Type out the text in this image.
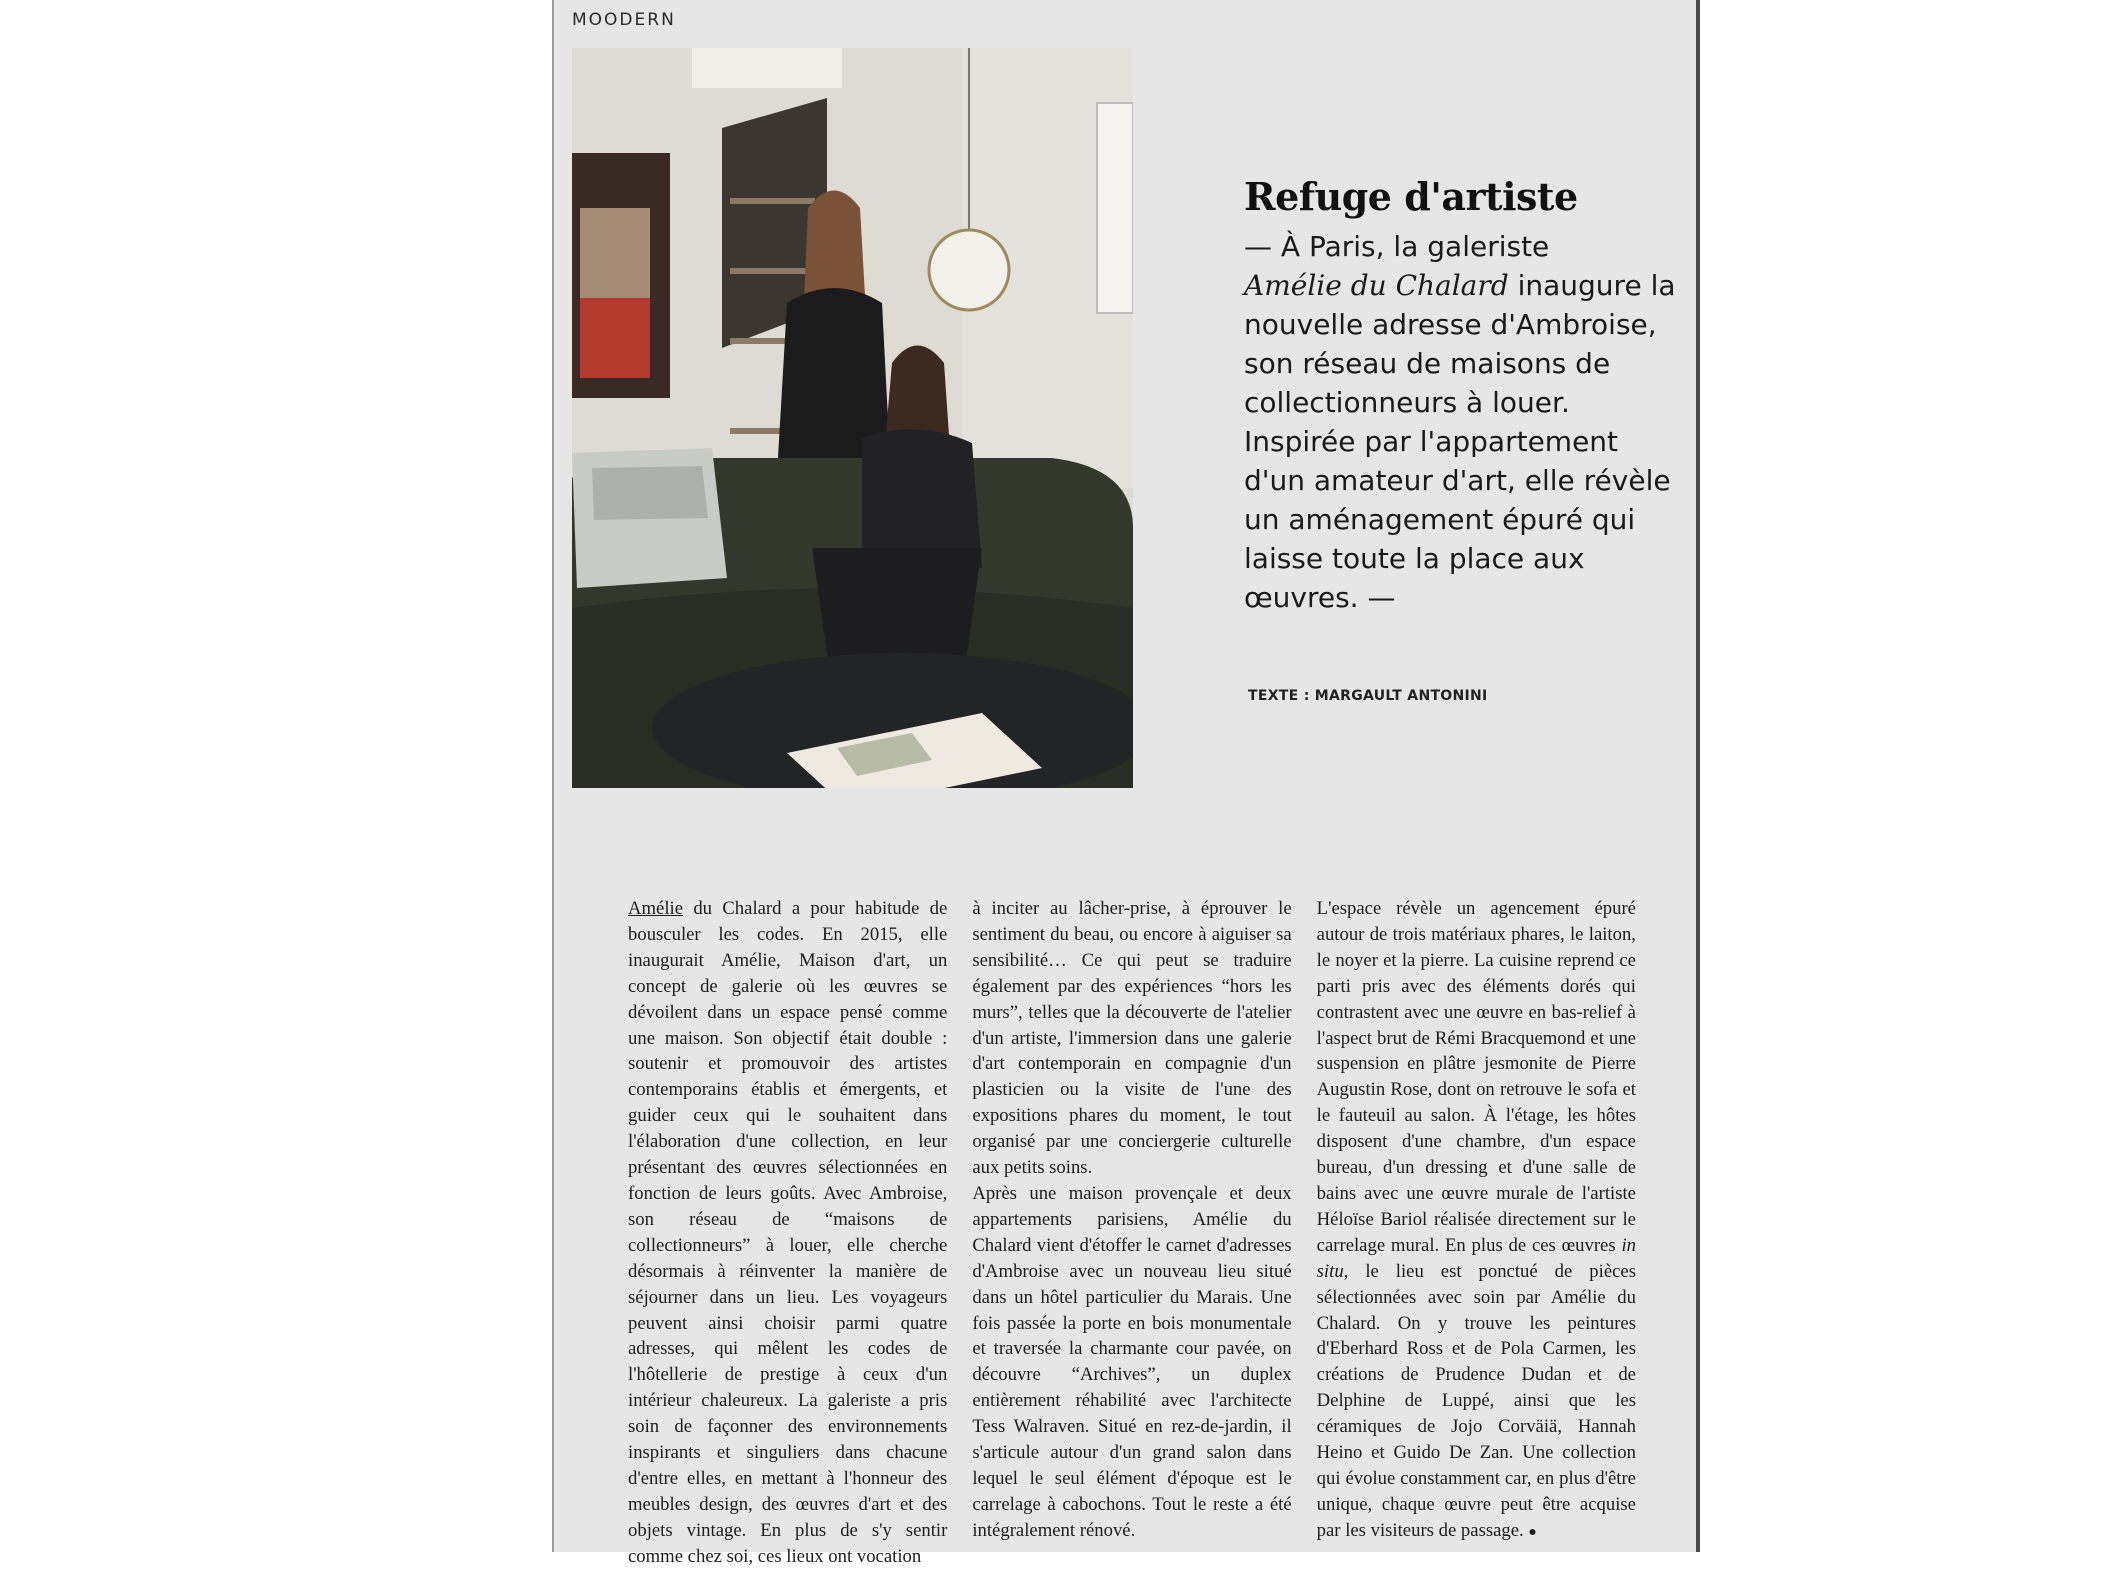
MOODERN
Refuge d'artiste
— À Paris, la galeriste
Amélie du Chalard inaugure la nouvelle adresse d'Ambroise, son réseau de maisons de collectionneurs à louer. Inspirée par l'appartement d'un amateur d'art, elle révèle un aménagement épuré qui laisse toute la place aux œuvres. —
TEXTE : MARGAULT ANTONINI

Amélie du Chalard a pour habitude de bousculer les codes. En 2015, elle inaugurait Amélie, Maison d'art, un concept de galerie où les œuvres se dévoilent dans un espace pensé comme une maison. Son objectif était double : soutenir et promouvoir des artistes contemporains établis et émergents, et guider ceux qui le souhaitent dans l'élaboration d'une collection, en leur présentant des œuvres sélectionnées en fonction de leurs goûts. Avec Ambroise, son réseau de “maisons de collectionneurs” à louer, elle cherche désormais à réinventer la manière de séjourner dans un lieu. Les voyageurs peuvent ainsi choisir parmi quatre adresses, qui mêlent les codes de l'hôtellerie de prestige à ceux d'un intérieur chaleureux. La galeriste a pris soin de façonner des environnements inspirants et singuliers dans chacune d'entre elles, en mettant à l'honneur des meubles design, des œuvres d'art et des objets vintage. En plus de s'y sentir comme chez soi, ces lieux ont vocation

à inciter au lâcher-prise, à éprouver le sentiment du beau, ou encore à aiguiser sa sensibilité… Ce qui peut se traduire également par des expériences “hors les murs”, telles que la découverte de l'atelier d'un artiste, l'immersion dans une galerie d'art contemporain en compagnie d'un plasticien ou la visite de l'une des expositions phares du moment, le tout organisé par une conciergerie culturelle aux petits soins.

Après une maison provençale et deux appartements parisiens, Amélie du Chalard vient d'étoffer le carnet d'adresses d'Ambroise avec un nouveau lieu situé dans un hôtel particulier du Marais. Une fois passée la porte en bois monumentale et traversée la charmante cour pavée, on découvre “Archives”, un duplex entièrement réhabilité avec l'architecte Tess Walraven. Situé en rez-de-jardin, il s'articule autour d'un grand salon dans lequel le seul élément d'époque est le carrelage à cabochons. Tout le reste a été intégralement rénové.

L'espace révèle un agencement épuré autour de trois matériaux phares, le laiton, le noyer et la pierre. La cuisine reprend ce parti pris avec des éléments dorés qui contrastent avec une œuvre en bas-relief à l'aspect brut de Rémi Bracquemond et une suspension en plâtre jesmonite de Pierre Augustin Rose, dont on retrouve le sofa et le fauteuil au salon. À l'étage, les hôtes disposent d'une chambre, d'un espace bureau, d'un dressing et d'une salle de bains avec une œuvre murale de l'artiste Héloïse Bariol réalisée directement sur le carrelage mural. En plus de ces œuvres in situ, le lieu est ponctué de pièces sélectionnées avec soin par Amélie du Chalard. On y trouve les peintures d'Eberhard Ross et de Pola Carmen, les créations de Prudence Dudan et de Delphine de Luppé, ainsi que les céramiques de Jojo Corväiä, Hannah Heino et Guido De Zan. Une collection qui évolue constamment car, en plus d'être unique, chaque œuvre peut être acquise par les visiteurs de passage. ●
